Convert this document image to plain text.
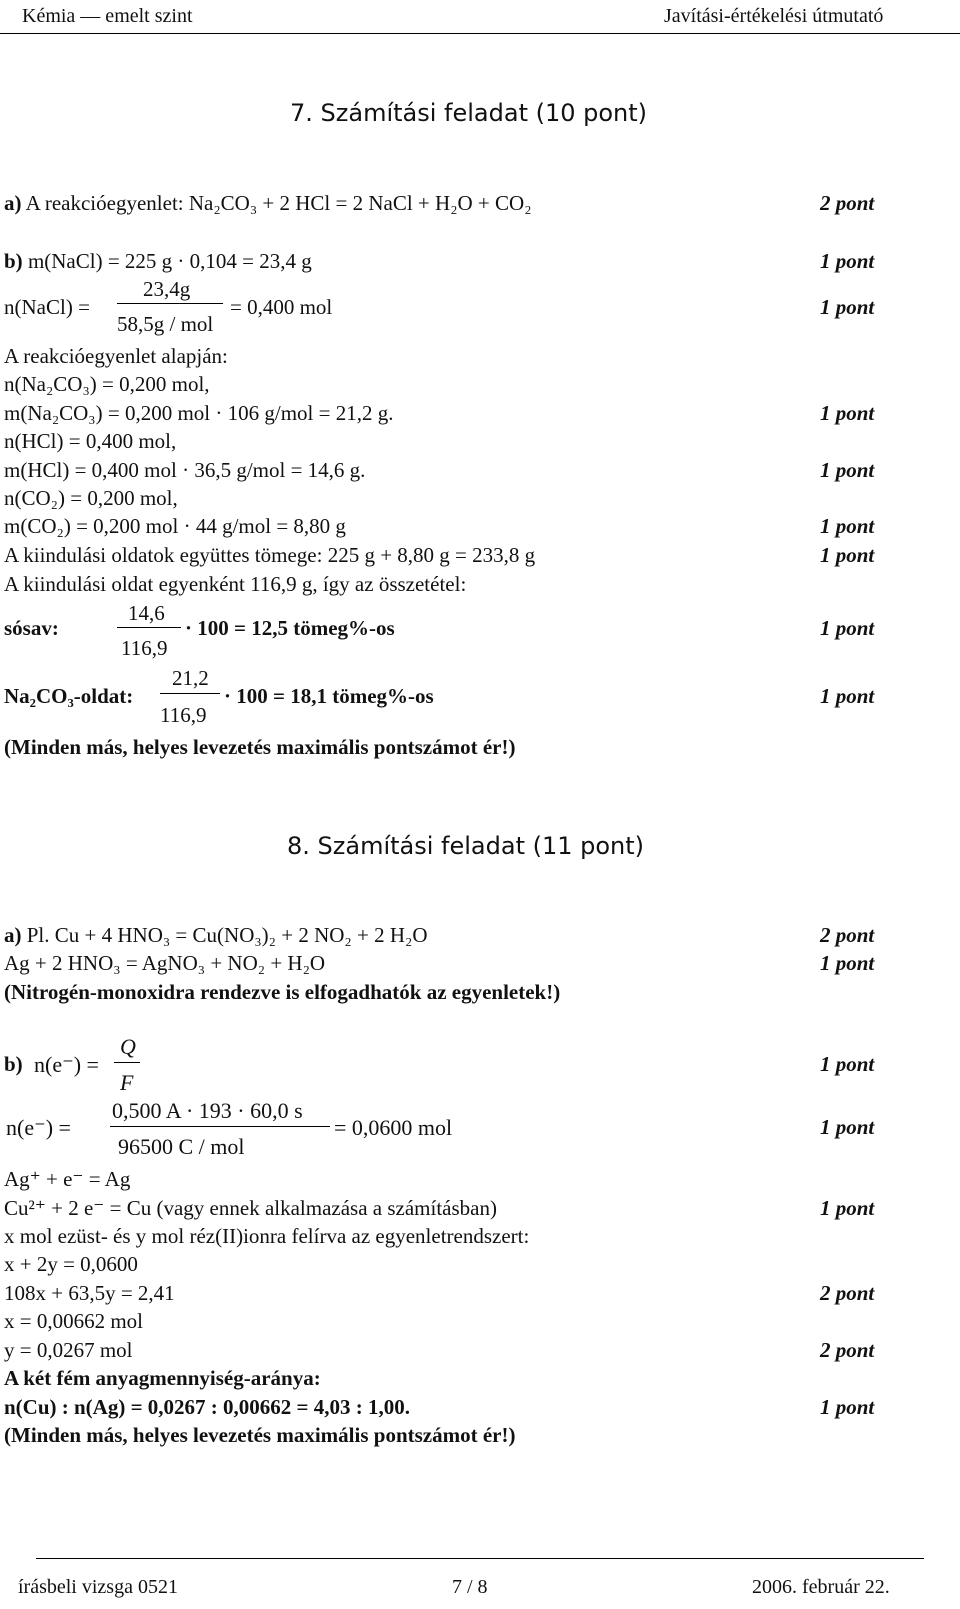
Kémia — emelt szint	Javítási-értékelési útmutató
7. Számítási feladat (10 pont)
a) A reakcióegyenlet: Na₂CO₃ + 2 HCl = 2 NaCl + H₂O + CO₂	2 pont
b) m(NaCl) = 225 g · 0,104 = 23,4 g	1 pont
n(NaCl) =
23,4g
58,5g / mol
= 0,400 mol	1 pont
A reakcióegyenlet alapján:
n(Na₂CO₃) = 0,200 mol,
m(Na₂CO₃) = 0,200 mol · 106 g/mol = 21,2 g.	1 pont
n(HCl) = 0,400 mol,
m(HCl) = 0,400 mol · 36,5 g/mol = 14,6 g.	1 pont
n(CO₂) = 0,200 mol,
m(CO₂) = 0,200 mol · 44 g/mol = 8,80 g	1 pont
A kiindulási oldatok együttes tömege: 225 g + 8,80 g = 233,8 g	1 pont
A kiindulási oldat egyenként 116,9 g, így az összetétel:
sósav:
14,6
116,9
· 100 = 12,5 tömeg%-os	1 pont
Na₂CO₃-oldat:
21,2
116,9
· 100 = 18,1 tömeg%-os	1 pont
(Minden más, helyes levezetés maximális pontszámot ér!)
8. Számítási feladat (11 pont)
a) Pl. Cu + 4 HNO₃ = Cu(NO₃)₂ + 2 NO₂ + 2 H₂O	2 pont
Ag + 2 HNO₃ = AgNO₃ + NO₂ + H₂O	1 pont
(Nitrogén-monoxidra rendezve is elfogadhatók az egyenletek!)
b) n(e⁻) =
Q
F
1 pont
n(e⁻) =
0,500 A · 193 · 60,0 s
96500 C / mol
= 0,0600 mol	1 pont
Ag⁺ + e⁻ = Ag
Cu²⁺ + 2 e⁻ = Cu (vagy ennek alkalmazása a számításban)	1 pont
x mol ezüst- és y mol réz(II)ionra felírva az egyenletrendszert:
x + 2y = 0,0600
108x + 63,5y = 2,41	2 pont
x = 0,00662 mol
y = 0,0267 mol	2 pont
A két fém anyagmennyiség-aránya:
n(Cu) : n(Ag) = 0,0267 : 0,00662 = 4,03 : 1,00.	1 pont
(Minden más, helyes levezetés maximális pontszámot ér!)
írásbeli vizsga 0521	7 / 8	2006. február 22.
